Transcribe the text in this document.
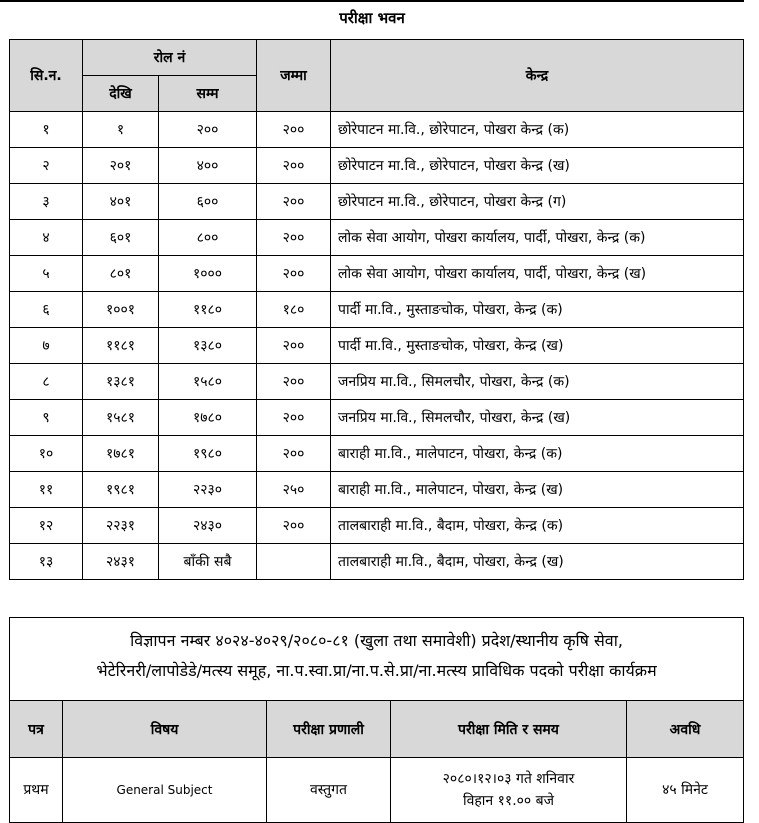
परीक्षा भवन
सि.न.	रोल नं		जम्मा	केन्द्र
	देखि	सम्म		
१	१	२००	२००	छोरेपाटन मा.वि., छोरेपाटन, पोखरा केन्द्र (क)
२	२०१	४००	२००	छोरेपाटन मा.वि., छोरेपाटन, पोखरा केन्द्र (ख)
३	४०१	६००	२००	छोरेपाटन मा.वि., छोरेपाटन, पोखरा केन्द्र (ग)
४	६०१	८००	२००	लोक सेवा आयोग, पोखरा कार्यालय, पार्दी, पोखरा, केन्द्र (क)
५	८०१	१०००	२००	लोक सेवा आयोग, पोखरा कार्यालय, पार्दी, पोखरा, केन्द्र (ख)
६	१००१	११८०	१८०	पार्दी मा.वि., मुस्ताङचोक, पोखरा, केन्द्र (क)
७	११८१	१३८०	२००	पार्दी मा.वि., मुस्ताङचोक, पोखरा, केन्द्र (ख)
८	१३८१	१५८०	२००	जनप्रिय मा.वि., सिमलचौर, पोखरा, केन्द्र (क)
९	१५८१	१७८०	२००	जनप्रिय मा.वि., सिमलचौर, पोखरा, केन्द्र (ख)
१०	१७८१	१९८०	२००	बाराही मा.वि., मालेपाटन, पोखरा, केन्द्र (क)
११	१९८१	२२३०	२५०	बाराही मा.वि., मालेपाटन, पोखरा, केन्द्र (ख)
१२	२२३१	२४३०	२००	तालबाराही मा.वि., बैदाम, पोखरा, केन्द्र (क)
१३	२४३१	बाँकी सबै		तालबाराही मा.वि., बैदाम, पोखरा, केन्द्र (ख)
विज्ञापन नम्बर ४०२४-४०२९/२०८०-८१ (खुला तथा समावेशी) प्रदेश/स्थानीय कृषि सेवा,
भेटेरिनरी/लापोडेडे/मत्स्य समूह, ना.प.स्वा.प्रा/ना.प.से.प्रा/ना.मत्स्य प्राविधिक पदको परीक्षा कार्यक्रम
पत्र	विषय	परीक्षा प्रणाली	परीक्षा मिति र समय	अवधि

प्रथम	General Subject	वस्तुगत	२०८०।१२।०३ गते शनिवार
विहान ११.०० बजे	४५ मिनेट
